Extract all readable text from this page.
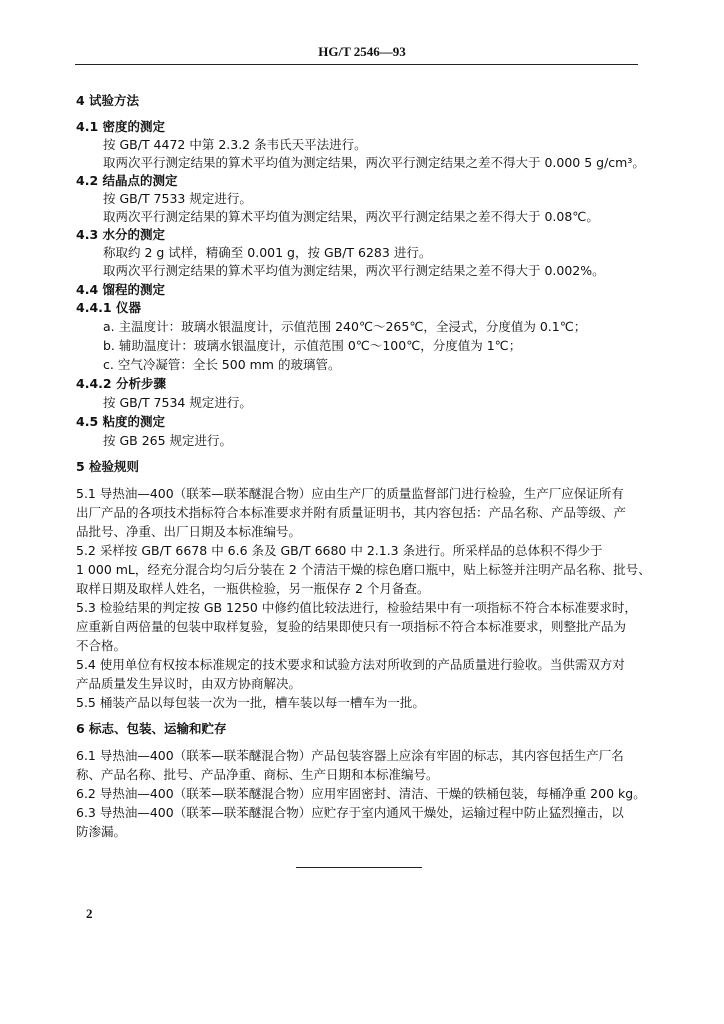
HG/T 2546—93
4 试验方法
4.1 密度的测定
按 GB/T 4472 中第 2.3.2 条韦氏天平法进行。
取两次平行测定结果的算术平均值为测定结果，两次平行测定结果之差不得大于 0.000 5 g/cm³。
4.2 结晶点的测定
按 GB/T 7533 规定进行。
取两次平行测定结果的算术平均值为测定结果，两次平行测定结果之差不得大于 0.08℃。
4.3 水分的测定
称取约 2 g 试样，精确至 0.001 g，按 GB/T 6283 进行。
取两次平行测定结果的算术平均值为测定结果，两次平行测定结果之差不得大于 0.002%。
4.4 馏程的测定
4.4.1 仪器
a. 主温度计：玻璃水银温度计，示值范围 240℃～265℃，全浸式，分度值为 0.1℃；
b. 辅助温度计：玻璃水银温度计，示值范围 0℃～100℃，分度值为 1℃；
c. 空气冷凝管：全长 500 mm 的玻璃管。
4.4.2 分析步骤
按 GB/T 7534 规定进行。
4.5 粘度的测定
按 GB 265 规定进行。
5 检验规则
5.1 导热油—400（联苯—联苯醚混合物）应由生产厂的质量监督部门进行检验，生产厂应保证所有
出厂产品的各项技术指标符合本标准要求并附有质量证明书，其内容包括：产品名称、产品等级、产
品批号、净重、出厂日期及本标准编号。
5.2 采样按 GB/T 6678 中 6.6 条及 GB/T 6680 中 2.1.3 条进行。所采样品的总体积不得少于
1 000 mL，经充分混合均匀后分装在 2 个清洁干燥的棕色磨口瓶中，贴上标签并注明产品名称、批号、
取样日期及取样人姓名，一瓶供检验，另一瓶保存 2 个月备查。
5.3 检验结果的判定按 GB 1250 中修约值比较法进行，检验结果中有一项指标不符合本标准要求时，
应重新自两倍量的包装中取样复验，复验的结果即使只有一项指标不符合本标准要求，则整批产品为
不合格。
5.4 使用单位有权按本标准规定的技术要求和试验方法对所收到的产品质量进行验收。当供需双方对
产品质量发生异议时，由双方协商解决。
5.5 桶装产品以每包装一次为一批，槽车装以每一槽车为一批。
6 标志、包装、运输和贮存
6.1 导热油—400（联苯—联苯醚混合物）产品包装容器上应涂有牢固的标志，其内容包括生产厂名
称、产品名称、批号、产品净重、商标、生产日期和本标准编号。
6.2 导热油—400（联苯—联苯醚混合物）应用牢固密封、清洁、干燥的铁桶包装，每桶净重 200 kg。
6.3 导热油—400（联苯—联苯醚混合物）应贮存于室内通风干燥处，运输过程中防止猛烈撞击，以
防渗漏。
2
